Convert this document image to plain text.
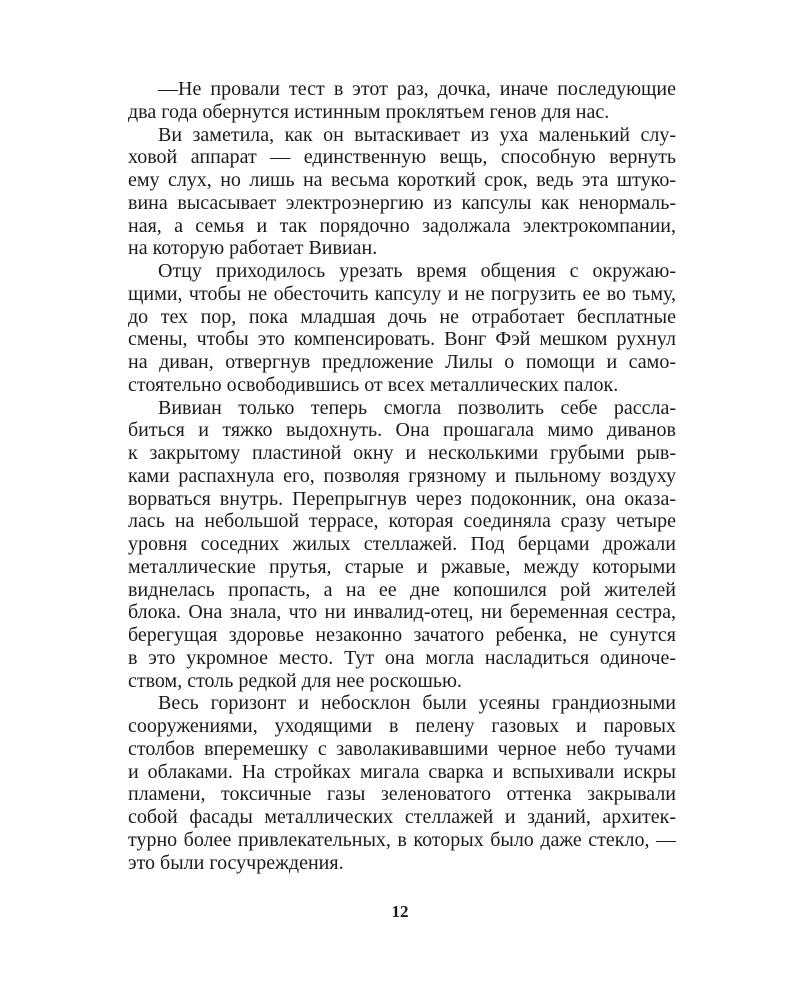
—Не провали тест в этот раз, дочка, иначе последующие
два года обернутся истинным проклятьем генов для нас.
Ви заметила, как он вытаскивает из уха маленький слу-
ховой аппарат — единственную вещь, способную вернуть
ему слух, но лишь на весьма короткий срок, ведь эта штуко-
вина высасывает электроэнергию из капсулы как ненормаль-
ная, а семья и так порядочно задолжала электрокомпании,
на которую работает Вивиан.
Отцу приходилось урезать время общения с окружаю-
щими, чтобы не обесточить капсулу и не погрузить ее во тьму,
до тех пор, пока младшая дочь не отработает бесплатные
смены, чтобы это компенсировать. Вонг Фэй мешком рухнул
на диван, отвергнув предложение Лилы о помощи и само-
стоятельно освободившись от всех металлических палок.
Вивиан только теперь смогла позволить себе рассла-
биться и тяжко выдохнуть. Она прошагала мимо диванов
к закрытому пластиной окну и несколькими грубыми рыв-
ками распахнула его, позволяя грязному и пыльному воздуху
ворваться внутрь. Перепрыгнув через подоконник, она оказа-
лась на небольшой террасе, которая соединяла сразу четыре
уровня соседних жилых стеллажей. Под берцами дрожали
металлические прутья, старые и ржавые, между которыми
виднелась пропасть, а на ее дне копошился рой жителей
блока. Она знала, что ни инвалид-отец, ни беременная сестра,
берегущая здоровье незаконно зачатого ребенка, не сунутся
в это укромное место. Тут она могла насладиться одиноче-
ством, столь редкой для нее роскошью.
Весь горизонт и небосклон были усеяны грандиозными
сооружениями, уходящими в пелену газовых и паровых
столбов вперемешку с заволакивавшими черное небо тучами
и облаками. На стройках мигала сварка и вспыхивали искры
пламени, токсичные газы зеленоватого оттенка закрывали
собой фасады металлических стеллажей и зданий, архитек-
турно более привлекательных, в которых было даже стекло, —
это были госучреждения.
12
